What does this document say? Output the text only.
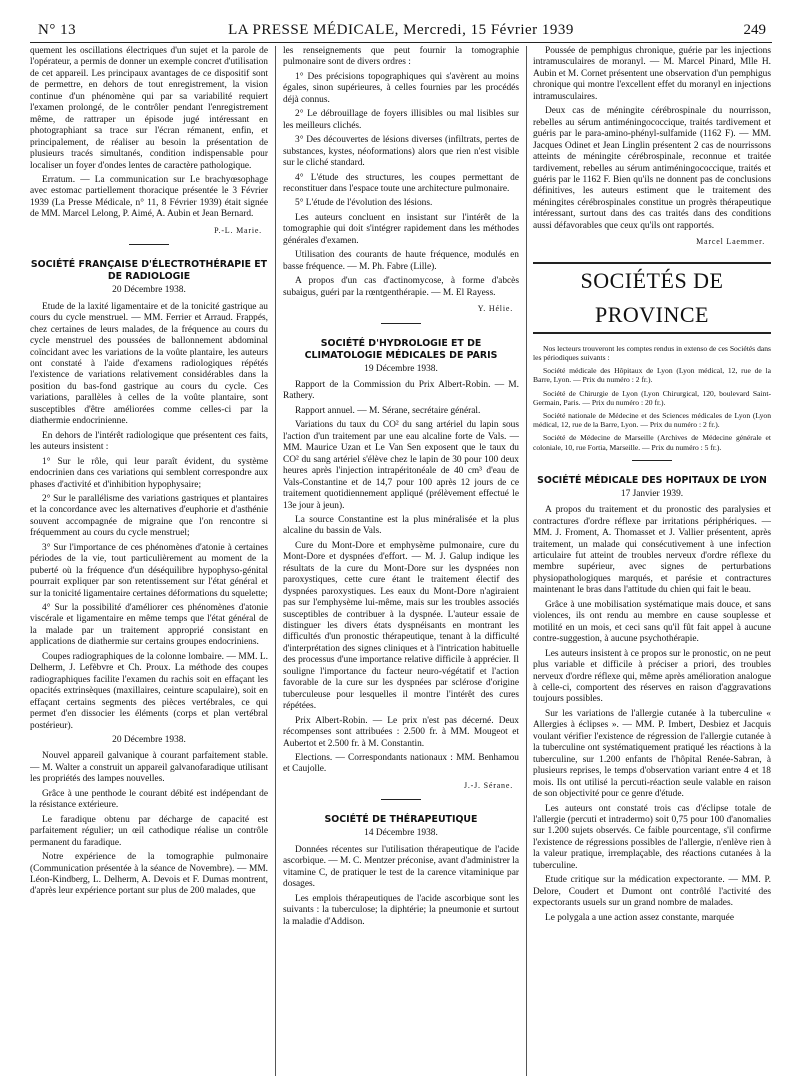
N° 13	LA PRESSE MÉDICALE, Mercredi, 15 Février 1939	249

quement les oscillations électriques d'un sujet et la parole de l'opérateur, a permis de donner un exemple concret d'utilisation de cet appareil. Les principaux avantages de ce dispositif sont de permettre, en dehors de tout enregistrement, la vision continue d'un phénomène qui par sa variabilité requiert l'examen prolongé, de le contrôler pendant l'enregistrement même, de rattraper un épisode jugé intéressant en photographiant sa trace sur l'écran rémanent, enfin, et principalement, de réaliser au besoin la présentation de plusieurs tracés simultanés, condition indispensable pour localiser un foyer d'ondes lentes de caractère pathologique.

Erratum. — La communication sur Le brachyœsophage avec estomac partiellement thoracique présentée le 3 Février 1939 (La Presse Médicale, n° 11, 8 Février 1939) était signée de MM. Marcel Lelong, P. Aimé, A. Aubin et Jean Bernard.

P.-L. Marie.
SOCIÉTÉ FRANÇAISE D'ÉLECTROTHÉRAPIE ET DE RADIOLOGIE
20 Décembre 1938.

Etude de la laxité ligamentaire et de la tonicité gastrique au cours du cycle menstruel. — MM. Ferrier et Arraud. Frappés, chez certaines de leurs malades, de la fréquence au cours du cycle menstruel des poussées de ballonnement abdominal coïncidant avec les variations de la voûte plantaire, les auteurs ont constaté à l'aide d'examens radiologiques répétés l'existence de variations relativement considérables dans la position du bas-fond gastrique au cours du cycle. Ces variations, parallèles à celles de la voûte plantaire, sont susceptibles d'être améliorées comme celles-ci par la diathermie endocrinienne.

En dehors de l'intérêt radiologique que présentent ces faits, les auteurs insistent :

1° Sur le rôle, qui leur paraît évident, du système endocrinien dans ces variations qui semblent correspondre aux phases d'activité et d'inhibition hypophysaire;

2° Sur le parallélisme des variations gastriques et plantaires et la concordance avec les alternatives d'euphorie et d'asthénie souvent accompagnée de migraine que l'on rencontre si fréquemment au cours du cycle menstruel;

3° Sur l'importance de ces phénomènes d'atonie à certaines périodes de la vie, tout particulièrement au moment de la puberté où la fréquence d'un déséquilibre hypophyso-génital pourrait expliquer par son retentissement sur l'état général et sur la tonicité ligamentaire certaines déformations du squelette;

4° Sur la possibilité d'améliorer ces phénomènes d'atonie viscérale et ligamentaire en même temps que l'état général de la malade par un traitement approprié consistant en applications de diathermie sur certains groupes endocriniens.

Coupes radiographiques de la colonne lombaire. — MM. L. Delherm, J. Lefèbvre et Ch. Proux. La méthode des coupes radiographiques facilite l'examen du rachis soit en effaçant les opacités extrinsèques (maxillaires, ceinture scapulaire), soit en effaçant certains segments des pièces vertébrales, ce qui permet d'en dissocier les éléments (corps et plan vertébral postérieur).

20 Décembre 1938.

Nouvel appareil galvanique à courant parfaitement stable. — M. Walter a construit un appareil galvanofaradique utilisant les propriétés des lampes nouvelles.

Grâce à une penthode le courant débité est indépendant de la résistance extérieure.

Le faradique obtenu par décharge de capacité est parfaitement régulier; un œil cathodique réalise un contrôle permanent du faradique.

Notre expérience de la tomographie pulmonaire (Communication présentée à la séance de Novembre). — MM. Léon-Kindberg, L. Delherm, A. Devois et F. Dumas montrent, d'après leur expérience portant sur plus de 200 malades, que

les renseignements que peut fournir la tomographie pulmonaire sont de divers ordres :

1° Des précisions topographiques qui s'avèrent au moins égales, sinon supérieures, à celles fournies par les procédés déjà connus.

2° Le débrouillage de foyers illisibles ou mal lisibles sur les meilleurs clichés.

3° Des découvertes de lésions diverses (infiltrats, pertes de substances, kystes, néoformations) alors que rien n'est visible sur le cliché standard.

4° L'étude des structures, les coupes permettant de reconstituer dans l'espace toute une architecture pulmonaire.

5° L'étude de l'évolution des lésions.

Les auteurs concluent en insistant sur l'intérêt de la tomographie qui doit s'intégrer rapidement dans les méthodes générales d'examen.

Utilisation des courants de haute fréquence, modulés en basse fréquence. — M. Ph. Fabre (Lille).

A propos d'un cas d'actinomycose, à forme d'abcès subaigus, guéri par la rœntgenthérapie. — M. El Rayess.

Y. Hélie.
SOCIÉTÉ D'HYDROLOGIE ET DE CLIMATOLOGIE MÉDICALES DE PARIS
19 Décembre 1938.

Rapport de la Commission du Prix Albert-Robin. — M. Rathery.

Rapport annuel. — M. Sérane, secrétaire général.

Variations du taux du CO² du sang artériel du lapin sous l'action d'un traitement par une eau alcaline forte de Vals. — MM. Maurice Uzan et Le Van Sen exposent que le taux du CO² du sang artériel s'élève chez le lapin de 30 pour 100 deux heures après l'injection intrapéritonéale de 40 cm³ d'eau de Vals-Constantine et de 14,7 pour 100 après 12 jours de ce traitement quotidiennement appliqué (prélèvement effectué le 13e jour à jeun).

La source Constantine est la plus minéralisée et la plus alcaline du bassin de Vals.

Cure du Mont-Dore et emphysème pulmonaire, cure du Mont-Dore et dyspnées d'effort. — M. J. Galup indique les résultats de la cure du Mont-Dore sur les dyspnées non paroxystiques, cette cure étant le traitement électif des dyspnées paroxystiques. Les eaux du Mont-Dore n'agiraient pas sur l'emphysème lui-même, mais sur les troubles associés susceptibles de contribuer à la dyspnée. L'auteur essaie de distinguer les divers états dyspnéisants en montrant les difficultés d'un pronostic thérapeutique, tenant à la difficulté d'interprétation des signes cliniques et à l'intrication habituelle des processus d'une importance relative difficile à apprécier. Il souligne l'importance du facteur neuro-végétatif et l'action favorable de la cure sur les dyspnées par sclérose d'origine tuberculeuse pour lesquelles il montre l'intérêt des cures répétées.

Prix Albert-Robin. — Le prix n'est pas décerné. Deux récompenses sont attribuées : 2.500 fr. à MM. Mougeot et Aubertot et 2.500 fr. à M. Constantin.

Elections. — Correspondants nationaux : MM. Benhamou et Caujolle.

J.-J. Sérane.
SOCIÉTÉ DE THÉRAPEUTIQUE
14 Décembre 1938.

Données récentes sur l'utilisation thérapeutique de l'acide ascorbique. — M. C. Mentzer préconise, avant d'administrer la vitamine C, de pratiquer le test de la carence vitaminique par dosages.

Les emplois thérapeutiques de l'acide ascorbique sont les suivants : la tuberculose; la diphtérie; la pneumonie et surtout la maladie d'Addison.

Poussée de pemphigus chronique, guérie par les injections intramusculaires de moranyl. — M. Marcel Pinard, Mlle H. Aubin et M. Cornet présentent une observation d'un pemphigus chronique qui montre l'excellent effet du moranyl en injections intramusculaires.

Deux cas de méningite cérébrospinale du nourrisson, rebelles au sérum antiméningococcique, traités tardivement et guéris par le para-amino-phényl-sulfamide (1162 F). — MM. Jacques Odinet et Jean Linglin présentent 2 cas de nourrissons atteints de méningite cérébrospinale, reconnue et traitée tardivement, rebelles au sérum antiméningococcique, traités et guéris par le 1162 F. Bien qu'ils ne donnent pas de conclusions définitives, les auteurs estiment que le traitement des méningites cérébrospinales constitue un progrès thérapeutique intéressant, surtout dans des cas traités dans des conditions aussi défavorables que ceux qu'ils ont rapportés.

Marcel Laemmer.
SOCIÉTÉS DE PROVINCE

Nos lecteurs trouveront les comptes rendus in extenso de ces Sociétés dans les périodiques suivants :

Société médicale des Hôpitaux de Lyon (Lyon médical, 12, rue de la Barre, Lyon. — Prix du numéro : 2 fr.).

Société de Chirurgie de Lyon (Lyon Chirurgical, 120, boulevard Saint-Germain, Paris. — Prix du numéro : 20 fr.).

Société nationale de Médecine et des Sciences médicales de Lyon (Lyon médical, 12, rue de la Barre, Lyon. — Prix du numéro : 2 fr.).

Société de Médecine de Marseille (Archives de Médecine générale et coloniale, 10, rue Fortia, Marseille. — Prix du numéro : 5 fr.).

SOCIÉTÉ MÉDICALE DES HOPITAUX DE LYON
17 Janvier 1939.

A propos du traitement et du pronostic des paralysies et contractures d'ordre réflexe par irritations périphériques. — MM. J. Froment, A. Thomasset et J. Vallier présentent, après traitement, un malade qui consécutivement à une infection articulaire fut atteint de troubles nerveux d'ordre réflexe du membre supérieur, avec signes de perturbations physiopathologiques marqués, et parésie et contractures maintenant le bras dans l'attitude du chien qui fait le beau.

Grâce à une mobilisation systématique mais douce, et sans violences, ils ont rendu au membre en cause souplesse et motilité en un mois, et ceci sans qu'il fût fait appel à aucune contre-suggestion, à aucune psychothérapie.

Les auteurs insistent à ce propos sur le pronostic, on ne peut plus variable et difficile à préciser a priori, des troubles nerveux d'ordre réflexe qui, même après amélioration analogue à celle-ci, comportent des réserves en raison d'aggravations toujours possibles.

Sur les variations de l'allergie cutanée à la tuberculine « Allergies à éclipses ». — MM. P. Imbert, Desbiez et Jacquis voulant vérifier l'existence de régression de l'allergie cutanée à la tuberculine ont systématiquement pratiqué les réactions à la tuberculine, sur 1.200 enfants de l'hôpital Renée-Sabran, à plusieurs reprises, le temps d'observation variant entre 4 et 18 mois. Ils ont utilisé la percuti-réaction seule valable en raison de son objectivité pour ce genre d'étude.

Les auteurs ont constaté trois cas d'éclipse totale de l'allergie (percuti et intradermo) soit 0,75 pour 100 d'anomalies sur 1.200 sujets observés. Ce faible pourcentage, s'il confirme l'existence de régressions possibles de l'allergie, n'enlève rien à la valeur pratique, irremplaçable, des réactions cutanées à la tuberculine.

Etude critique sur la médication expectorante. — MM. P. Delore, Coudert et Dumont ont contrôlé l'activité des expectorants usuels sur un grand nombre de malades.

Le polygala a une action assez constante, marquée
